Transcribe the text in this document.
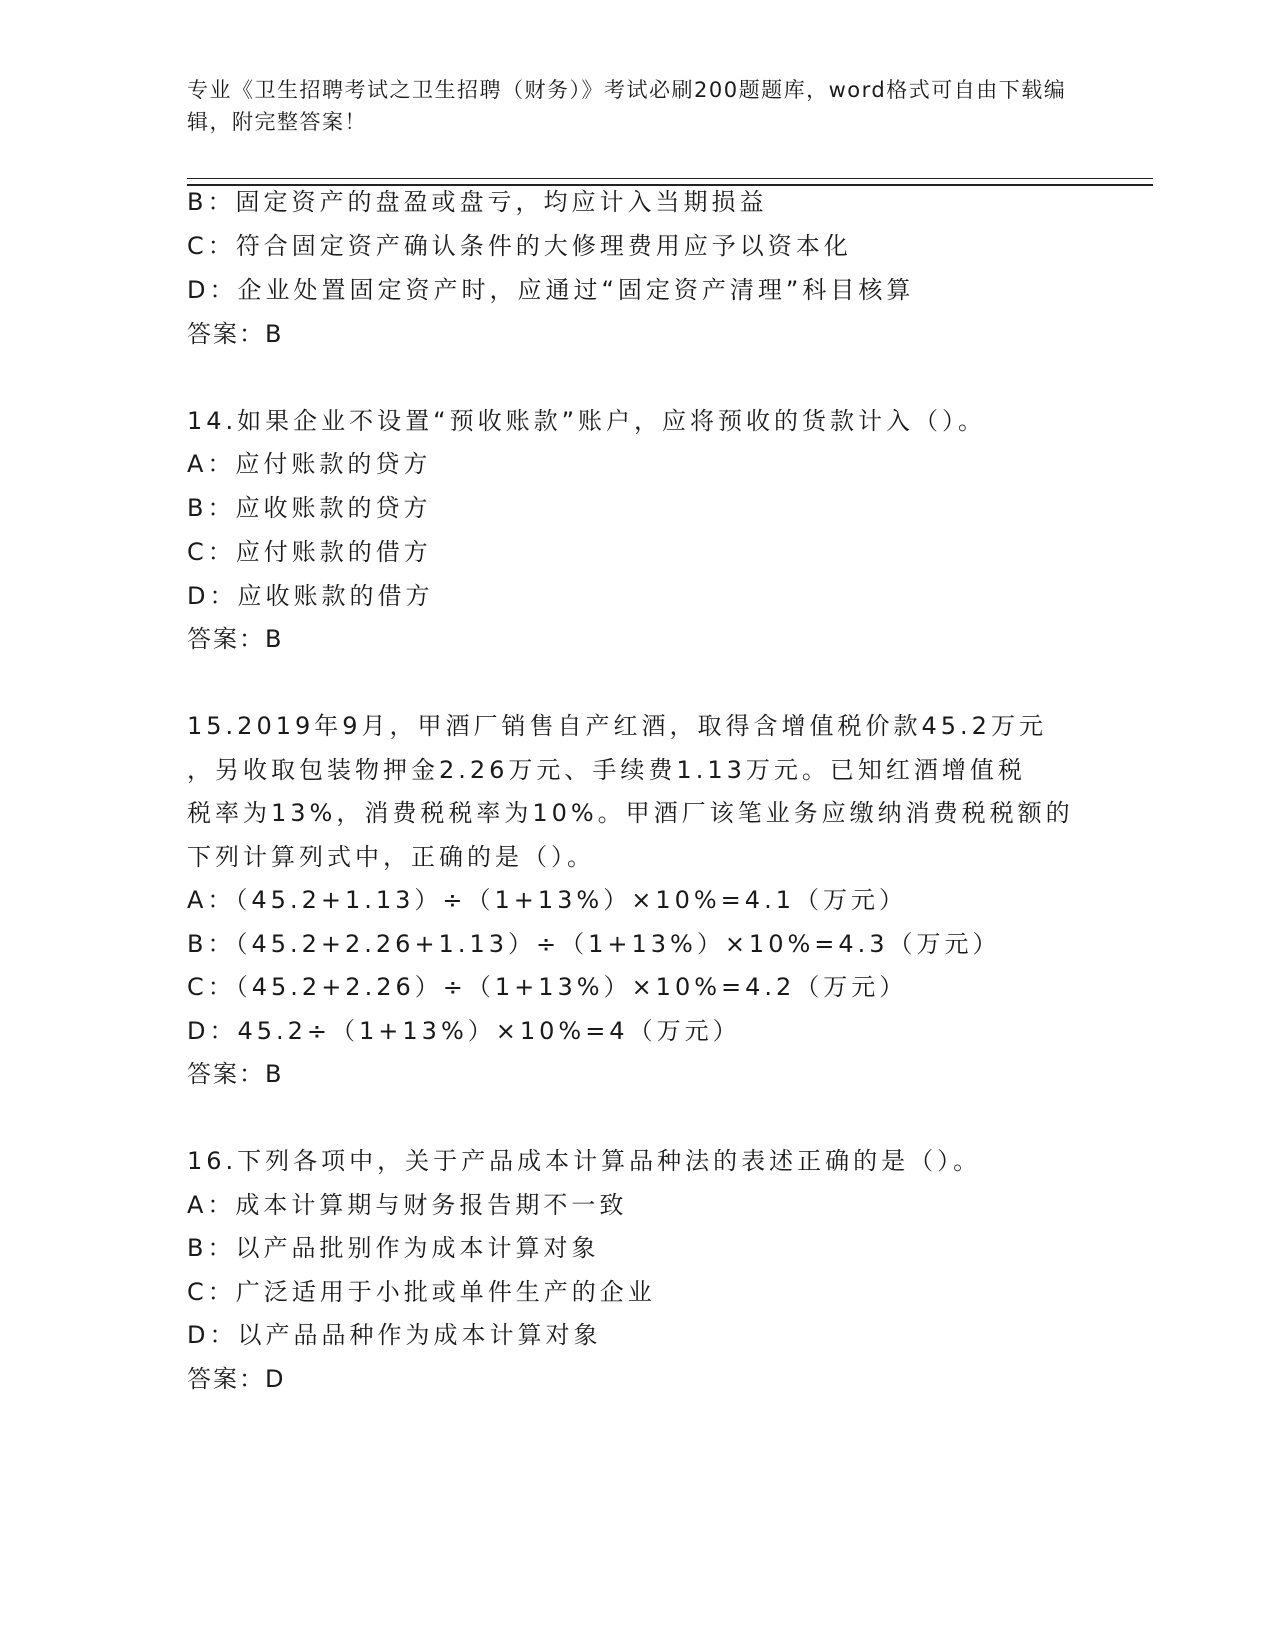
专业《卫生招聘考试之卫生招聘（财务）》考试必刷200题题库，word格式可自由下载编辑，附完整答案！
B：固定资产的盘盈或盘亏，均应计入当期损益
C：符合固定资产确认条件的大修理费用应予以资本化
D：企业处置固定资产时，应通过“固定资产清理”科目核算
答案：B
14.如果企业不设置“预收账款”账户，应将预收的货款计入（）。
A：应付账款的贷方
B：应收账款的贷方
C：应付账款的借方
D：应收账款的借方
答案：B
15.2019年9月，甲酒厂销售自产红酒，取得含增值税价款45.2万元
，另收取包装物押金2.26万元、手续费1.13万元。已知红酒增值税
税率为13%，消费税税率为10%。甲酒厂该笔业务应缴纳消费税税额的
下列计算列式中，正确的是（）。
A：（45.2+1.13）÷（1+13%）×10%=4.1（万元）
B：（45.2+2.26+1.13）÷（1+13%）×10%=4.3（万元）
C：（45.2+2.26）÷（1+13%）×10%=4.2（万元）
D：45.2÷（1+13%）×10%=4（万元）
答案：B
16.下列各项中，关于产品成本计算品种法的表述正确的是（）。
A：成本计算期与财务报告期不一致
B：以产品批别作为成本计算对象
C：广泛适用于小批或单件生产的企业
D：以产品品种作为成本计算对象
答案：D
